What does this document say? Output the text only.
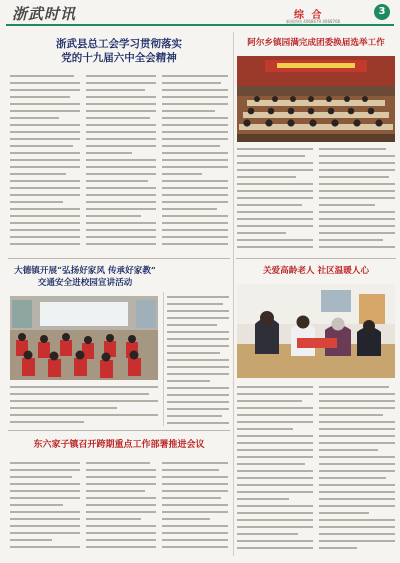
浙武时讯	综 合	3
新闻热线 4068679 4068766
浙武县总工会学习贯彻落实
党的十九届六中全会精神
大德镇开展“弘扬好家风 传承好家教”
交通安全进校园宣讲活动
东六家子镇召开跨期重点工作部署推进会议
阿尔乡镇园满完成团委换届选举工作
关爱高龄老人 社区温暖人心
